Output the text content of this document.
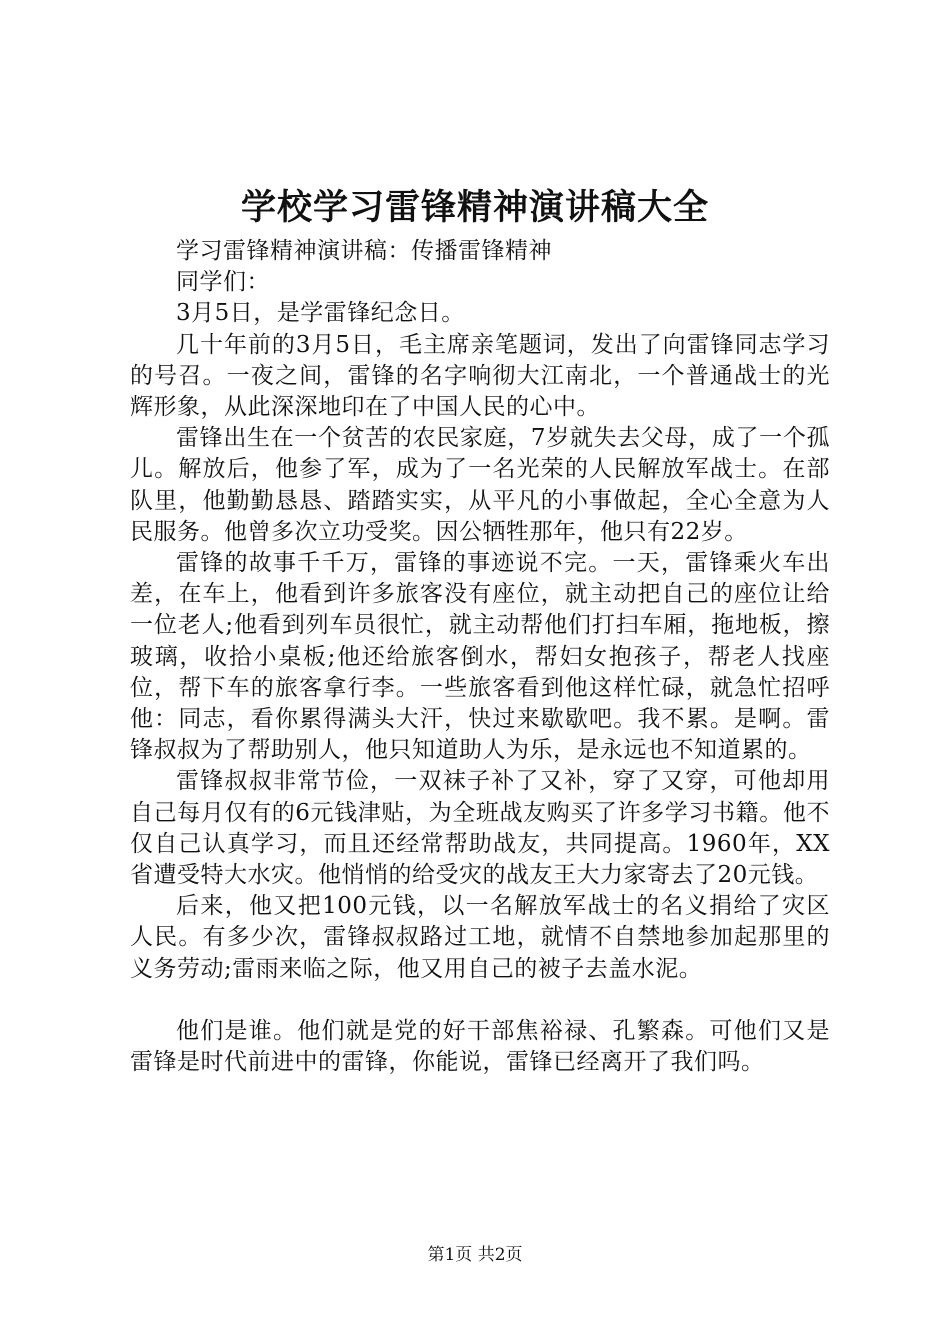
学校学习雷锋精神演讲稿大全

学习雷锋精神演讲稿：传播雷锋精神

同学们：

3月5日，是学雷锋纪念日。

几十年前的3月5日，毛主席亲笔题词，发出了向雷锋同志学习的号召。一夜之间，雷锋的名字响彻大江南北，一个普通战士的光辉形象，从此深深地印在了中国人民的心中。

雷锋出生在一个贫苦的农民家庭，7岁就失去父母，成了一个孤儿。解放后，他参了军，成为了一名光荣的人民解放军战士。在部队里，他勤勤恳恳、踏踏实实，从平凡的小事做起，全心全意为人民服务。他曾多次立功受奖。因公牺牲那年，他只有22岁。

雷锋的故事千千万，雷锋的事迹说不完。一天，雷锋乘火车出差，在车上，他看到许多旅客没有座位，就主动把自己的座位让给一位老人;他看到列车员很忙，就主动帮他们打扫车厢，拖地板，擦玻璃，收拾小桌板;他还给旅客倒水，帮妇女抱孩子，帮老人找座位，帮下车的旅客拿行李。一些旅客看到他这样忙碌，就急忙招呼他：同志，看你累得满头大汗，快过来歇歇吧。我不累。是啊。雷锋叔叔为了帮助别人，他只知道助人为乐，是永远也不知道累的。

雷锋叔叔非常节俭，一双袜子补了又补，穿了又穿，可他却用自己每月仅有的6元钱津贴，为全班战友购买了许多学习书籍。他不仅自己认真学习，而且还经常帮助战友，共同提高。1960年，XX省遭受特大水灾。他悄悄的给受灾的战友王大力家寄去了20元钱。

后来，他又把100元钱，以一名解放军战士的名义捐给了灾区人民。有多少次，雷锋叔叔路过工地，就情不自禁地参加起那里的义务劳动;雷雨来临之际，他又用自己的被子去盖水泥。

他们是谁。他们就是党的好干部焦裕禄、孔繁森。可他们又是雷锋是时代前进中的雷锋，你能说，雷锋已经离开了我们吗。

第1页 共2页
